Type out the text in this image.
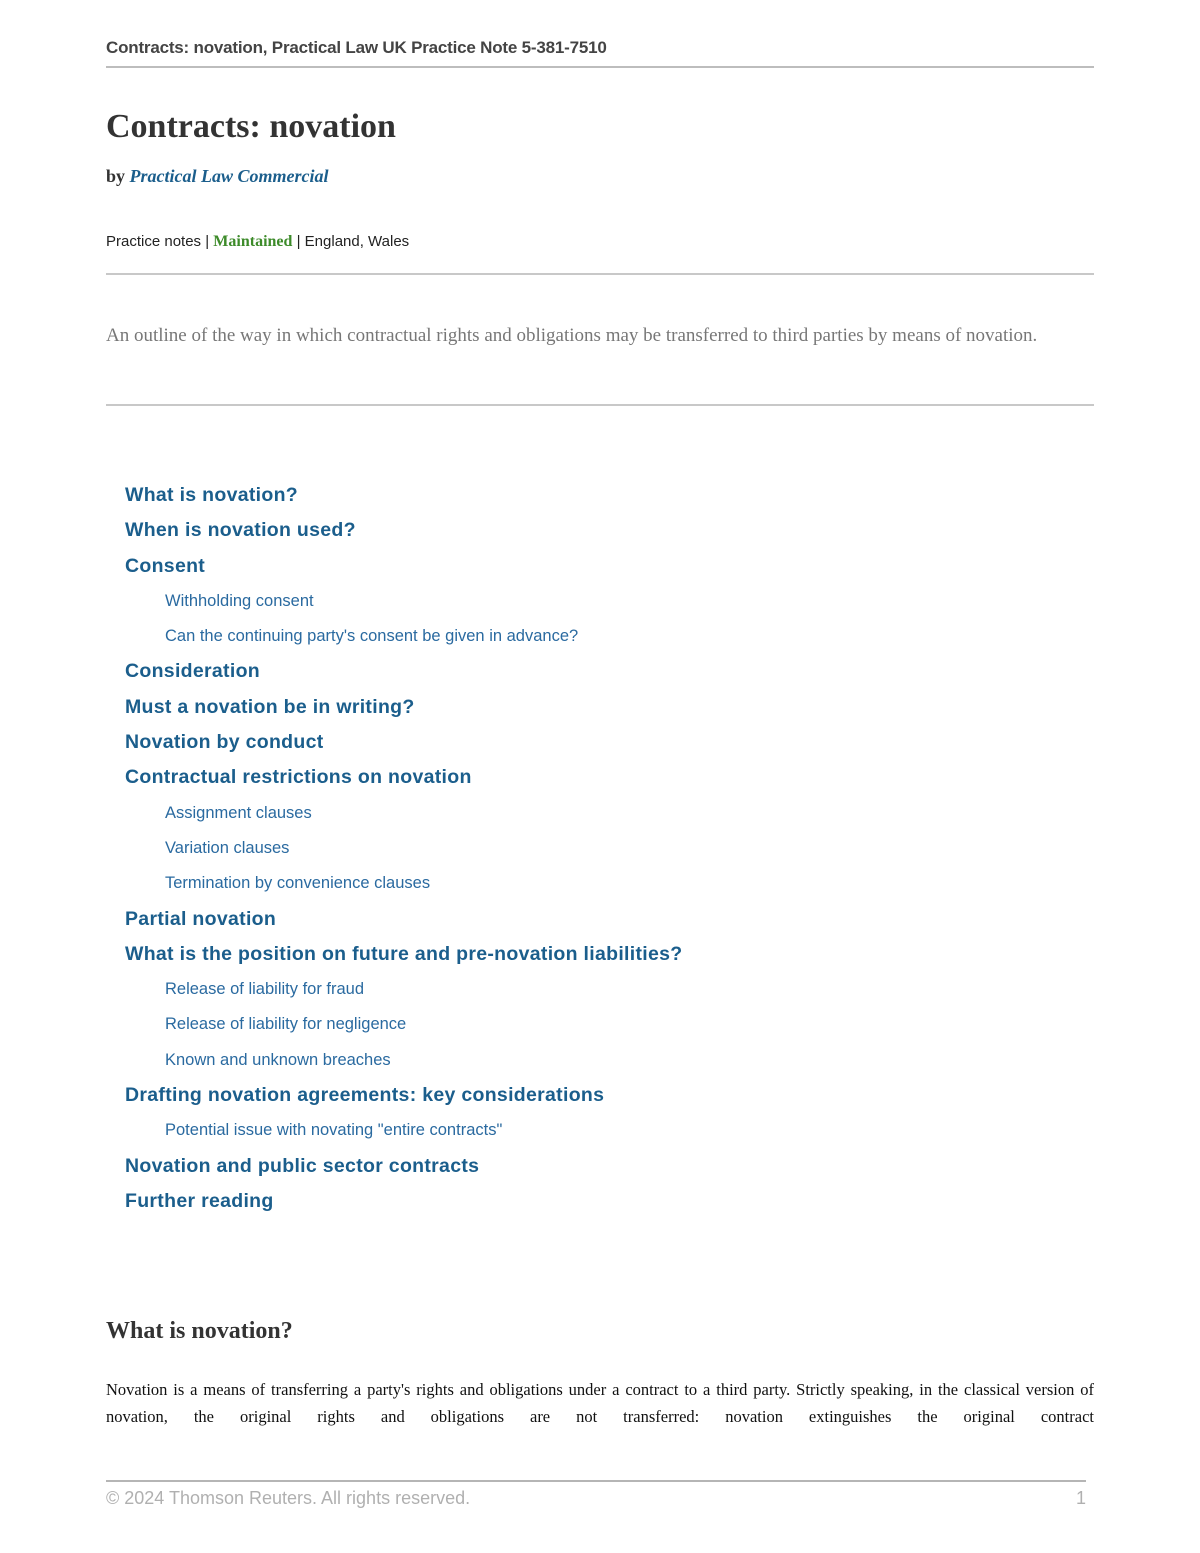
Contracts: novation, Practical Law UK Practice Note 5-381-7510
Contracts: novation
by Practical Law Commercial
Practice notes | Maintained | England, Wales

An outline of the way in which contractual rights and obligations may be transferred to third parties by means of novation.

What is novation?
When is novation used?
Consent
Withholding consent
Can the continuing party's consent be given in advance?
Consideration
Must a novation be in writing?
Novation by conduct
Contractual restrictions on novation
Assignment clauses
Variation clauses
Termination by convenience clauses
Partial novation
What is the position on future and pre-novation liabilities?
Release of liability for fraud
Release of liability for negligence
Known and unknown breaches
Drafting novation agreements: key considerations
Potential issue with novating "entire contracts"
Novation and public sector contracts
Further reading
What is novation?

Novation is a means of transferring a party's rights and obligations under a contract to a third party. Strictly speaking, in the classical version of novation, the original rights and obligations are not transferred: novation extinguishes the original contract

© 2024 Thomson Reuters. All rights reserved.	1
